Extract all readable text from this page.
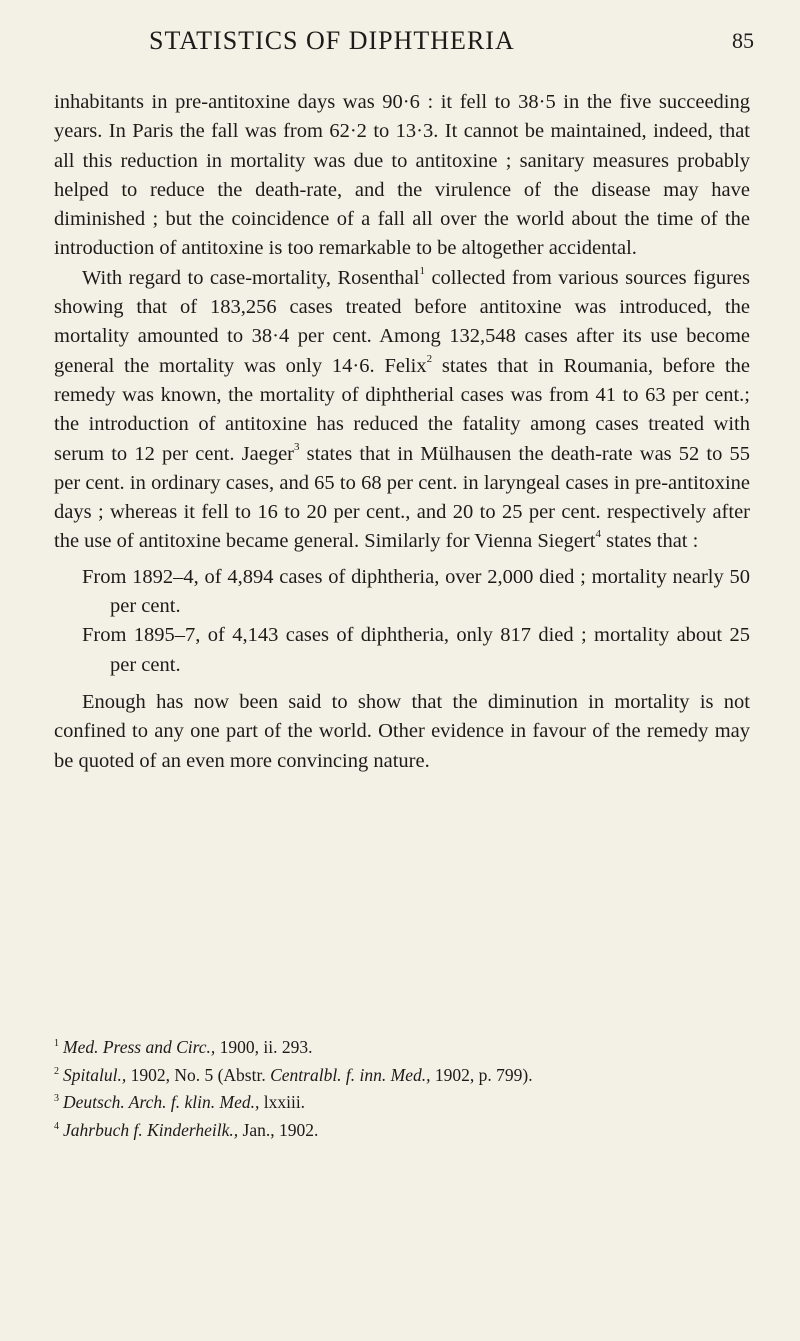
STATISTICS OF DIPHTHERIA	85

inhabitants in pre-antitoxine days was 90·6 : it fell to 38·5 in the five succeeding years. In Paris the fall was from 62·2 to 13·3. It cannot be maintained, indeed, that all this reduction in mortality was due to antitoxine ; sanitary measures probably helped to reduce the death-rate, and the virulence of the disease may have diminished ; but the coincidence of a fall all over the world about the time of the introduction of antitoxine is too remarkable to be altogether accidental.

With regard to case-mortality, Rosenthal$^1$ collected from various sources figures showing that of 183,256 cases treated before antitoxine was introduced, the mortality amounted to 38·4 per cent. Among 132,548 cases after its use become general the mortality was only 14·6. Felix$^2$ states that in Roumania, before the remedy was known, the mortality of diphtherial cases was from 41 to 63 per cent.; the introduction of antitoxine has reduced the fatality among cases treated with serum to 12 per cent. Jaeger$^3$ states that in Mülhausen the death-rate was 52 to 55 per cent. in ordinary cases, and 65 to 68 per cent. in laryngeal cases in pre-antitoxine days ; whereas it fell to 16 to 20 per cent., and 20 to 25 per cent. respectively after the use of antitoxine became general. Similarly for Vienna Siegert$^4$ states that :

From 1892–4, of 4,894 cases of diphtheria, over 2,000 died ; mortality nearly 50 per cent.

From 1895–7, of 4,143 cases of diphtheria, only 817 died ; mortality about 25 per cent.

Enough has now been said to show that the diminution in mortality is not confined to any one part of the world. Other evidence in favour of the remedy may be quoted of an even more convincing nature.

$^1$ Med. Press and Circ., 1900, ii. 293.

$^2$ Spitalul., 1902, No. 5 (Abstr. Centralbl. f. inn. Med., 1902, p. 799).

$^3$ Deutsch. Arch. f. klin. Med., lxxiii.

$^4$ Jahrbuch f. Kinderheilk., Jan., 1902.
